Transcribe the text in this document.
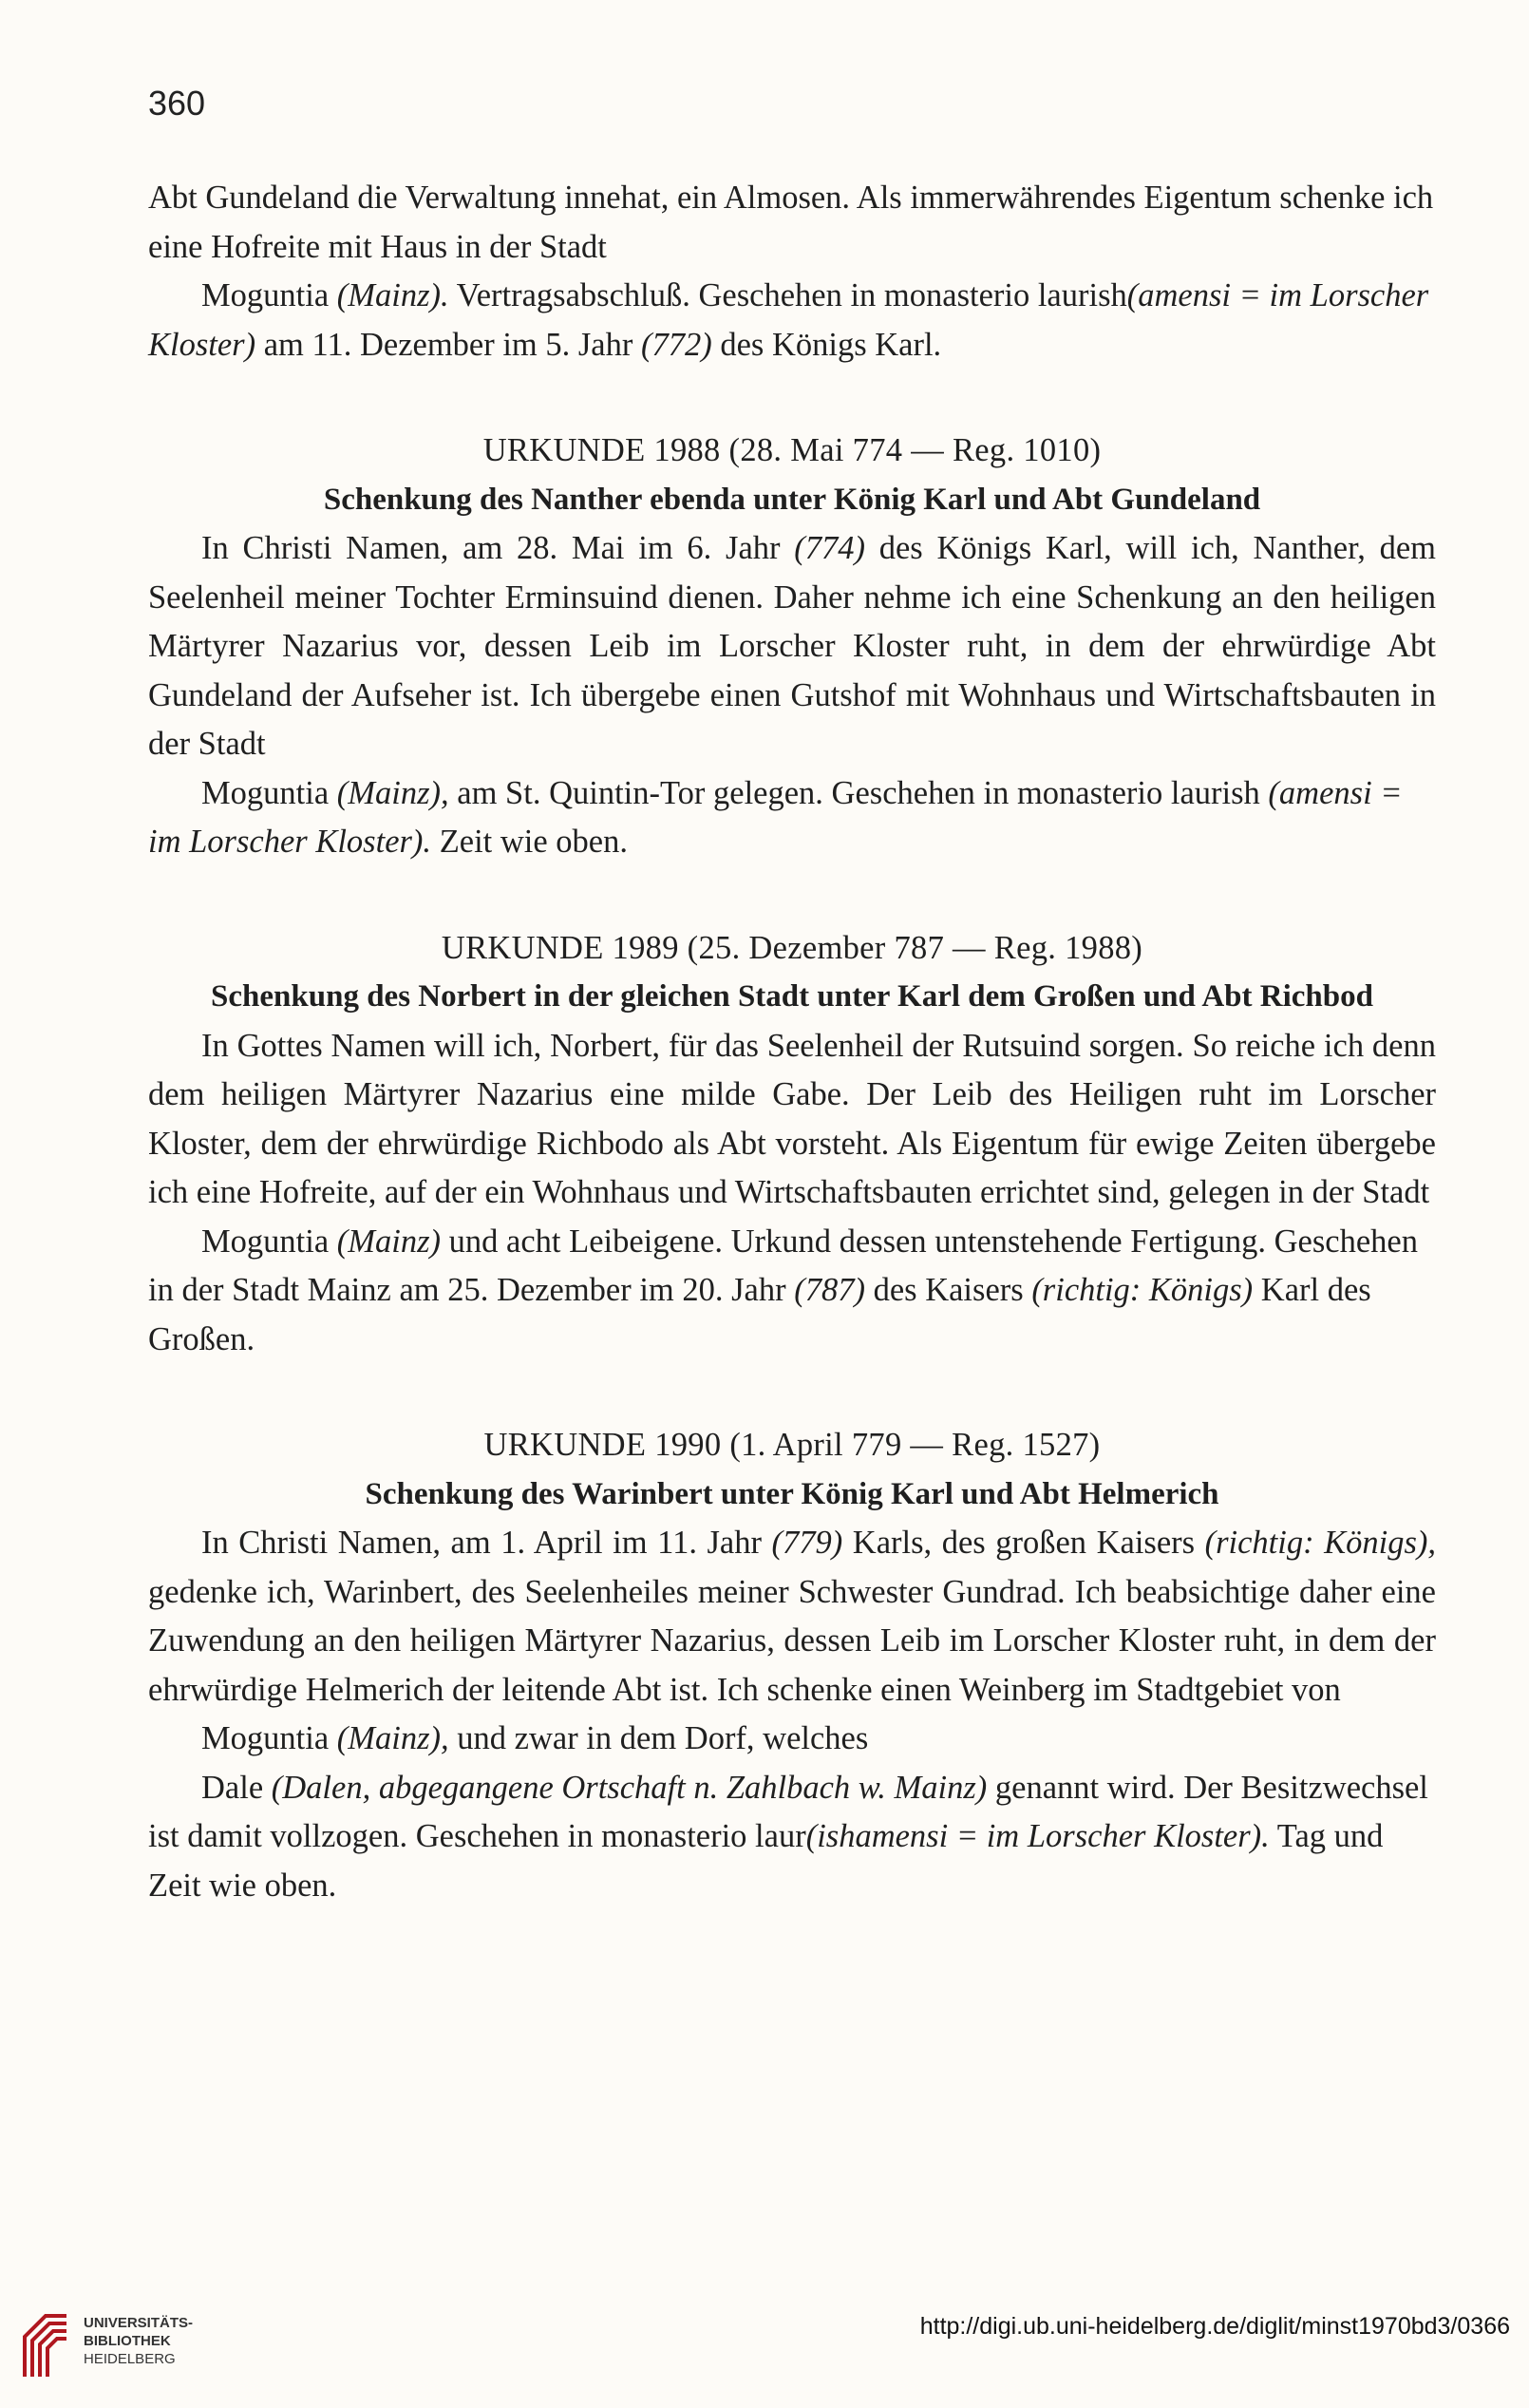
360

Abt Gundeland die Verwaltung innehat, ein Almosen. Als immerwährendes Eigentum schenke ich eine Hofreite mit Haus in der Stadt

Moguntia (Mainz). Vertragsabschluß. Geschehen in monasterio laurish(amensi = im Lorscher Kloster) am 11. Dezember im 5. Jahr (772) des Königs Karl.

URKUNDE 1988 (28. Mai 774 — Reg. 1010)

Schenkung des Nanther ebenda unter König Karl und Abt Gundeland

In Christi Namen, am 28. Mai im 6. Jahr (774) des Königs Karl, will ich, Nanther, dem Seelenheil meiner Tochter Erminsuind dienen. Daher nehme ich eine Schenkung an den heiligen Märtyrer Nazarius vor, dessen Leib im Lorscher Kloster ruht, in dem der ehrwürdige Abt Gundeland der Aufseher ist. Ich übergebe einen Gutshof mit Wohnhaus und Wirtschaftsbauten in der Stadt

Moguntia (Mainz), am St. Quintin-Tor gelegen. Geschehen in monasterio laurish (amensi = im Lorscher Kloster). Zeit wie oben.

URKUNDE 1989 (25. Dezember 787 — Reg. 1988)

Schenkung des Norbert in der gleichen Stadt unter Karl dem Großen und Abt Richbod

In Gottes Namen will ich, Norbert, für das Seelenheil der Rutsuind sorgen. So reiche ich denn dem heiligen Märtyrer Nazarius eine milde Gabe. Der Leib des Heiligen ruht im Lorscher Kloster, dem der ehrwürdige Richbodo als Abt vorsteht. Als Eigentum für ewige Zeiten übergebe ich eine Hofreite, auf der ein Wohnhaus und Wirtschaftsbauten errichtet sind, gelegen in der Stadt

Moguntia (Mainz) und acht Leibeigene. Urkund dessen untenstehende Fertigung. Geschehen in der Stadt Mainz am 25. Dezember im 20. Jahr (787) des Kaisers (richtig: Königs) Karl des Großen.

URKUNDE 1990 (1. April 779 — Reg. 1527)

Schenkung des Warinbert unter König Karl und Abt Helmerich

In Christi Namen, am 1. April im 11. Jahr (779) Karls, des großen Kaisers (richtig: Königs), gedenke ich, Warinbert, des Seelenheiles meiner Schwester Gundrad. Ich beabsichtige daher eine Zuwendung an den heiligen Märtyrer Nazarius, dessen Leib im Lorscher Kloster ruht, in dem der ehrwürdige Helmerich der leitende Abt ist. Ich schenke einen Weinberg im Stadtgebiet von

Moguntia (Mainz), und zwar in dem Dorf, welches

Dale (Dalen, abgegangene Ortschaft n. Zahlbach w. Mainz) genannt wird. Der Besitzwechsel ist damit vollzogen. Geschehen in monasterio laur(ishamensi = im Lorscher Kloster). Tag und Zeit wie oben.

UNIVERSITÄTS-
BIBLIOTHEK
HEIDELBERG
http://digi.ub.uni-heidelberg.de/diglit/minst1970bd3/0366
